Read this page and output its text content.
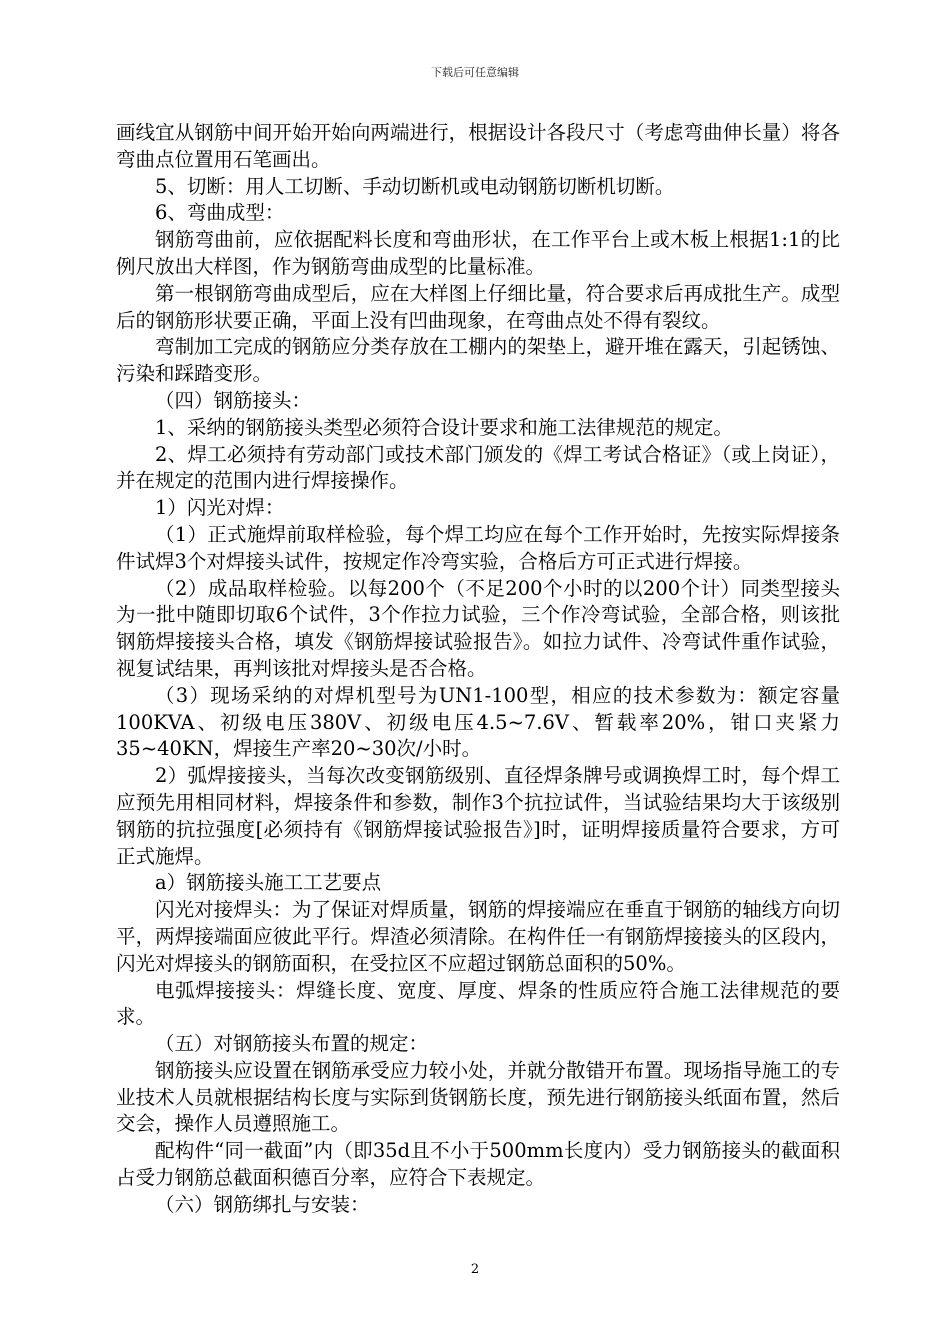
下载后可任意编辑

画线宜从钢筋中间开始开始向两端进行，根据设计各段尺寸（考虑弯曲伸长量）将各弯曲点位置用石笔画出。

5、切断：用人工切断、手动切断机或电动钢筋切断机切断。

6、弯曲成型：

钢筋弯曲前，应依据配料长度和弯曲形状，在工作平台上或木板上根据1:1的比例尺放出大样图，作为钢筋弯曲成型的比量标准。

第一根钢筋弯曲成型后，应在大样图上仔细比量，符合要求后再成批生产。成型后的钢筋形状要正确，平面上没有凹曲现象，在弯曲点处不得有裂纹。

弯制加工完成的钢筋应分类存放在工棚内的架垫上，避开堆在露天，引起锈蚀、污染和踩踏变形。

（四）钢筋接头：

1、采纳的钢筋接头类型必须符合设计要求和施工法律规范的规定。

2、焊工必须持有劳动部门或技术部门颁发的《焊工考试合格证》（或上岗证），并在规定的范围内进行焊接操作。

1）闪光对焊：

（1）正式施焊前取样检验，每个焊工均应在每个工作开始时，先按实际焊接条件试焊3个对焊接头试件，按规定作冷弯实验，合格后方可正式进行焊接。

（2）成品取样检验。以每200个（不足200个小时的以200个计）同类型接头为一批中随即切取6个试件，3个作拉力试验，三个作冷弯试验，全部合格，则该批钢筋焊接接头合格，填发《钢筋焊接试验报告》。如拉力试件、冷弯试件重作试验，视复试结果，再判该批对焊接头是否合格。

（3）现场采纳的对焊机型号为UN1-100型，相应的技术参数为：额定容量100KVA、初级电压380V、初级电压4.5~7.6V、暂载率20%，钳口夹紧力35~40KN，焊接生产率20~30次/小时。

2）弧焊接接头，当每次改变钢筋级别、直径焊条牌号或调换焊工时，每个焊工应预先用相同材料，焊接条件和参数，制作3个抗拉试件，当试验结果均大于该级别钢筋的抗拉强度[必须持有《钢筋焊接试验报告》]时，证明焊接质量符合要求，方可正式施焊。

a）钢筋接头施工工艺要点

闪光对接焊头：为了保证对焊质量，钢筋的焊接端应在垂直于钢筋的轴线方向切平，两焊接端面应彼此平行。焊渣必须清除。在构件任一有钢筋焊接接头的区段内，闪光对焊接头的钢筋面积，在受拉区不应超过钢筋总面积的50%。

电弧焊接接头：焊缝长度、宽度、厚度、焊条的性质应符合施工法律规范的要求。

（五）对钢筋接头布置的规定：

钢筋接头应设置在钢筋承受应力较小处，并就分散错开布置。现场指导施工的专业技术人员就根据结构长度与实际到货钢筋长度，预先进行钢筋接头纸面布置，然后交会，操作人员遵照施工。

配构件“同一截面”内（即35d且不小于500mm长度内）受力钢筋接头的截面积占受力钢筋总截面积德百分率，应符合下表规定。

（六）钢筋绑扎与安装：

2
